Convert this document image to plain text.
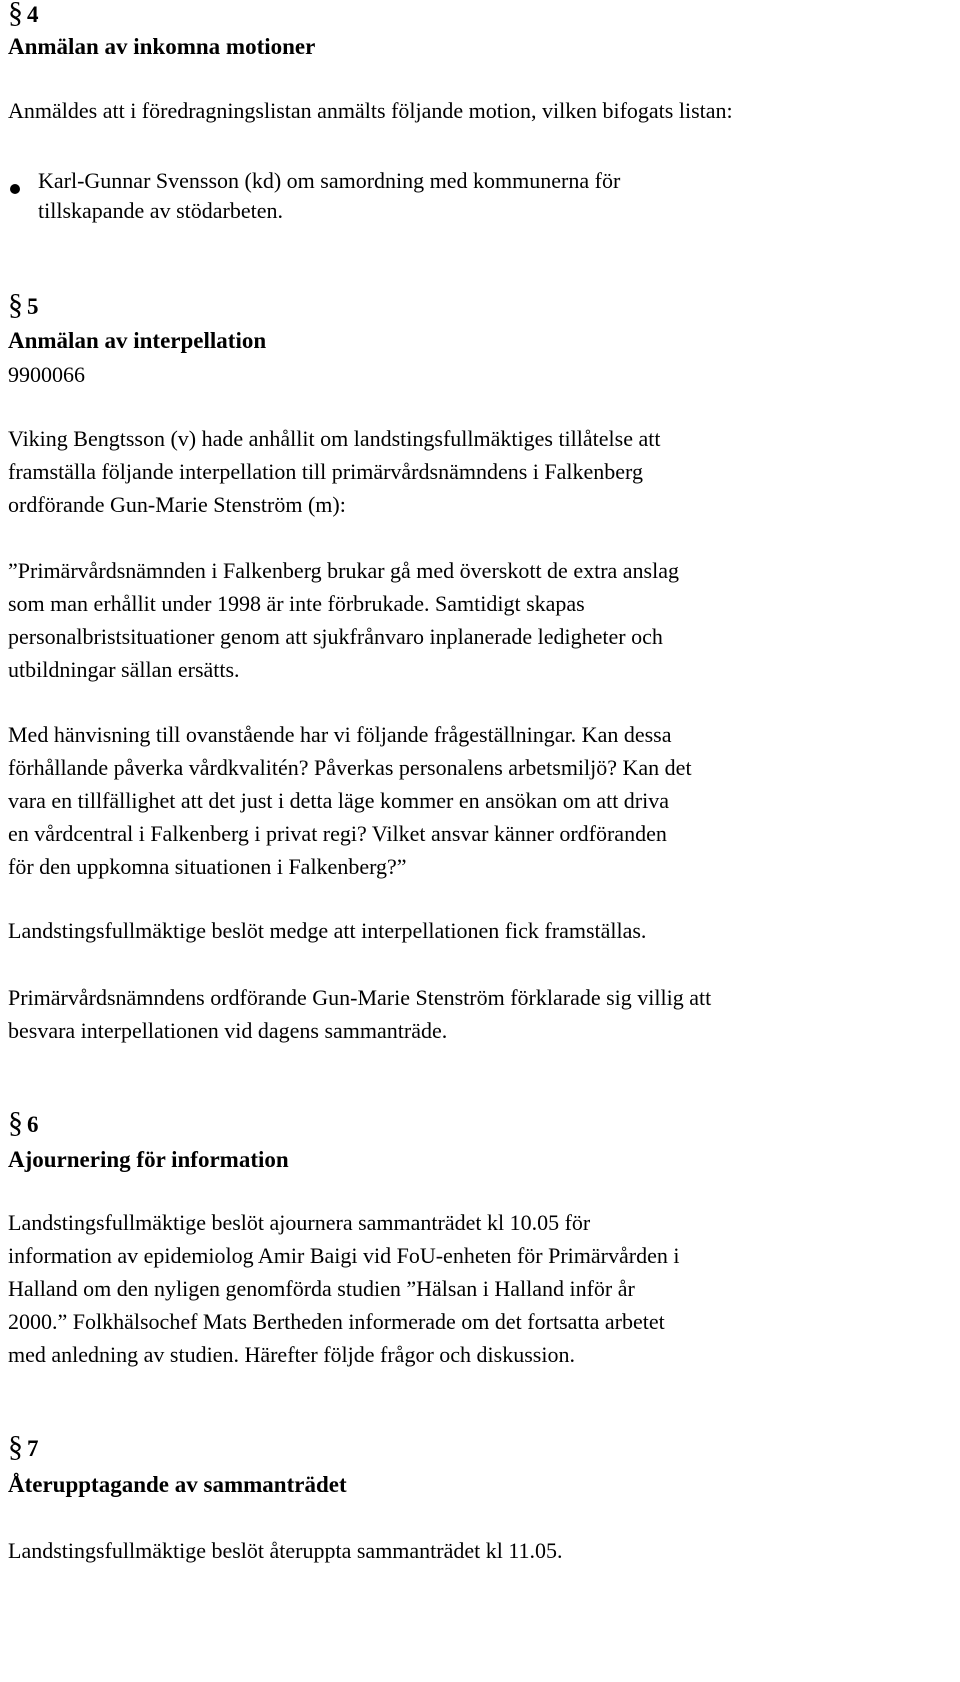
§ 4
Anmälan av inkomna motioner
Anmäldes att i föredragningslistan anmälts följande motion, vilken bifogats listan:
Karl-Gunnar Svensson (kd) om samordning med kommunerna för
tillskapande av stödarbeten.
§ 5
Anmälan av interpellation
9900066
Viking Bengtsson (v) hade anhållit om landstingsfullmäktiges tillåtelse att
framställa följande interpellation till primärvårdsnämndens i Falkenberg
ordförande Gun-Marie Stenström (m):
”Primärvårdsnämnden i Falkenberg brukar gå med överskott de extra anslag
som man erhållit under 1998 är inte förbrukade. Samtidigt skapas
personalbristsituationer genom att sjukfrånvaro inplanerade ledigheter och
utbildningar sällan ersätts.
Med hänvisning till ovanstående har vi följande frågeställningar. Kan dessa
förhållande påverka vårdkvalitén? Påverkas personalens arbetsmiljö? Kan det
vara en tillfällighet att det just i detta läge kommer en ansökan om att driva
en vårdcentral i Falkenberg i privat regi? Vilket ansvar känner ordföranden
för den uppkomna situationen i Falkenberg?”
Landstingsfullmäktige beslöt medge att interpellationen fick framställas.
Primärvårdsnämndens ordförande Gun-Marie Stenström förklarade sig villig att
besvara interpellationen vid dagens sammanträde.
§ 6
Ajournering för information
Landstingsfullmäktige beslöt ajournera sammanträdet kl 10.05 för
information av epidemiolog Amir Baigi vid FoU-enheten för Primärvården i
Halland om den nyligen genomförda studien ”Hälsan i Halland inför år
2000.” Folkhälsochef Mats Bertheden informerade om det fortsatta arbetet
med anledning av studien. Härefter följde frågor och diskussion.
§ 7
Återupptagande av sammanträdet
Landstingsfullmäktige beslöt återuppta sammanträdet kl 11.05.
